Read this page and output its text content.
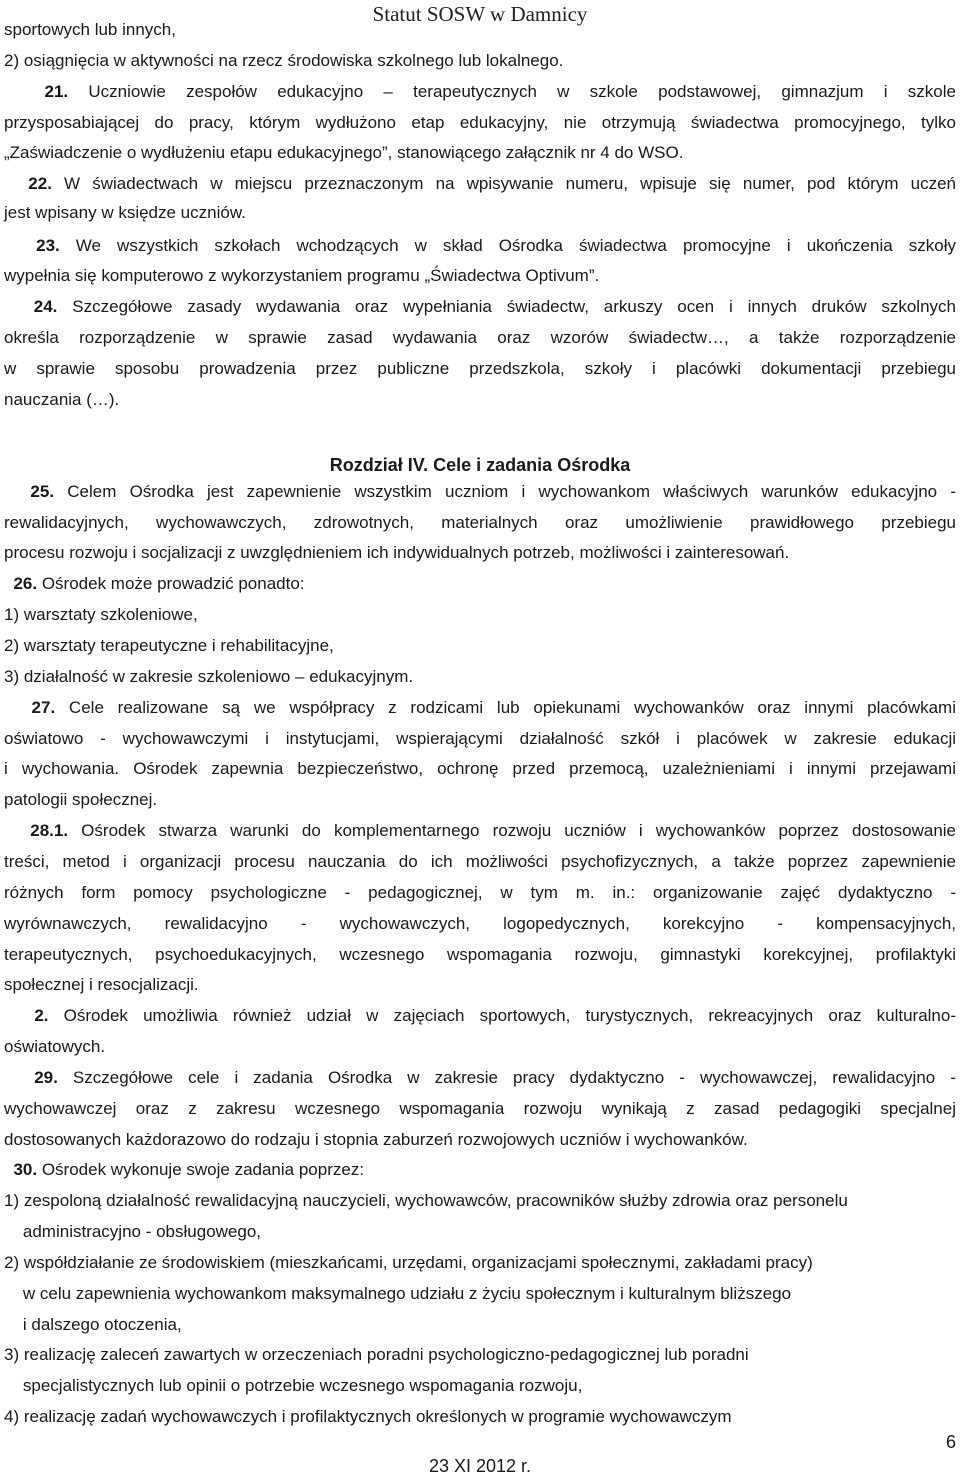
Statut SOSW w Damnicy
sportowych lub innych,
2) osiągnięcia w aktywności na rzecz środowiska szkolnego lub lokalnego.
21. Uczniowie zespołów edukacyjno – terapeutycznych w szkole podstawowej, gimnazjum i szkole
przysposabiającej do pracy, którym wydłużono etap edukacyjny, nie otrzymują świadectwa promocyjnego, tylko
„Zaświadczenie o wydłużeniu etapu edukacyjnego”, stanowiącego załącznik nr 4 do WSO.
22. W świadectwach w miejscu przeznaczonym na wpisywanie numeru, wpisuje się numer, pod którym uczeń
jest wpisany w księdze uczniów.
23. We wszystkich szkołach wchodzących w skład Ośrodka świadectwa promocyjne i ukończenia szkoły
wypełnia się komputerowo z wykorzystaniem programu „Świadectwa Optivum”.
24. Szczegółowe zasady wydawania oraz wypełniania świadectw, arkuszy ocen i innych druków szkolnych
określa rozporządzenie w sprawie zasad wydawania oraz wzorów świadectw…, a także rozporządzenie
w sprawie sposobu prowadzenia przez publiczne przedszkola, szkoły i placówki dokumentacji przebiegu
nauczania (…).
25. Celem Ośrodka jest zapewnienie wszystkim uczniom i wychowankom właściwych warunków edukacyjno -
rewalidacyjnych, wychowawczych, zdrowotnych, materialnych oraz umożliwienie prawidłowego przebiegu
procesu rozwoju i socjalizacji z uwzględnieniem ich indywidualnych potrzeb, możliwości i zainteresowań.
26. Ośrodek może prowadzić ponadto:
1) warsztaty szkoleniowe,
2) warsztaty terapeutyczne i rehabilitacyjne,
3) działalność w zakresie szkoleniowo – edukacyjnym.
27. Cele realizowane są we współpracy z rodzicami lub opiekunami wychowanków oraz innymi placówkami
oświatowo - wychowawczymi i instytucjami, wspierającymi działalność szkół i placówek w zakresie edukacji
i wychowania. Ośrodek zapewnia bezpieczeństwo, ochronę przed przemocą, uzależnieniami i innymi przejawami
patologii społecznej.
28.1. Ośrodek stwarza warunki do komplementarnego rozwoju uczniów i wychowanków poprzez dostosowanie
treści, metod i organizacji procesu nauczania do ich możliwości psychofizycznych, a także poprzez zapewnienie
różnych form pomocy psychologiczne - pedagogicznej, w tym m. in.: organizowanie zajęć dydaktyczno -
wyrównawczych, rewalidacyjno - wychowawczych, logopedycznych, korekcyjno - kompensacyjnych,
terapeutycznych, psychoedukacyjnych, wczesnego wspomagania rozwoju, gimnastyki korekcyjnej, profilaktyki
społecznej i resocjalizacji.
2. Ośrodek umożliwia również udział w zajęciach sportowych, turystycznych, rekreacyjnych oraz kulturalno-
oświatowych.
29. Szczegółowe cele i zadania Ośrodka w zakresie pracy dydaktyczno - wychowawczej, rewalidacyjno -
wychowawczej oraz z zakresu wczesnego wspomagania rozwoju wynikają z zasad pedagogiki specjalnej
dostosowanych każdorazowo do rodzaju i stopnia zaburzeń rozwojowych uczniów i wychowanków.
30. Ośrodek wykonuje swoje zadania poprzez:
1) zespoloną działalność rewalidacyjną nauczycieli, wychowawców, pracowników służby zdrowia oraz personelu
administracyjno - obsługowego,
2) współdziałanie ze środowiskiem (mieszkańcami, urzędami, organizacjami społecznymi, zakładami pracy)
w celu zapewnienia wychowankom maksymalnego udziału z życiu społecznym i kulturalnym bliższego
i dalszego otoczenia,
3) realizację zaleceń zawartych w orzeczeniach poradni psychologiczno-pedagogicznej lub poradni
specjalistycznych lub opinii o potrzebie wczesnego wspomagania rozwoju,
4) realizację zadań wychowawczych i profilaktycznych określonych w programie wychowawczym
Rozdział IV. Cele i zadania Ośrodka
6
23 XI 2012 r.
